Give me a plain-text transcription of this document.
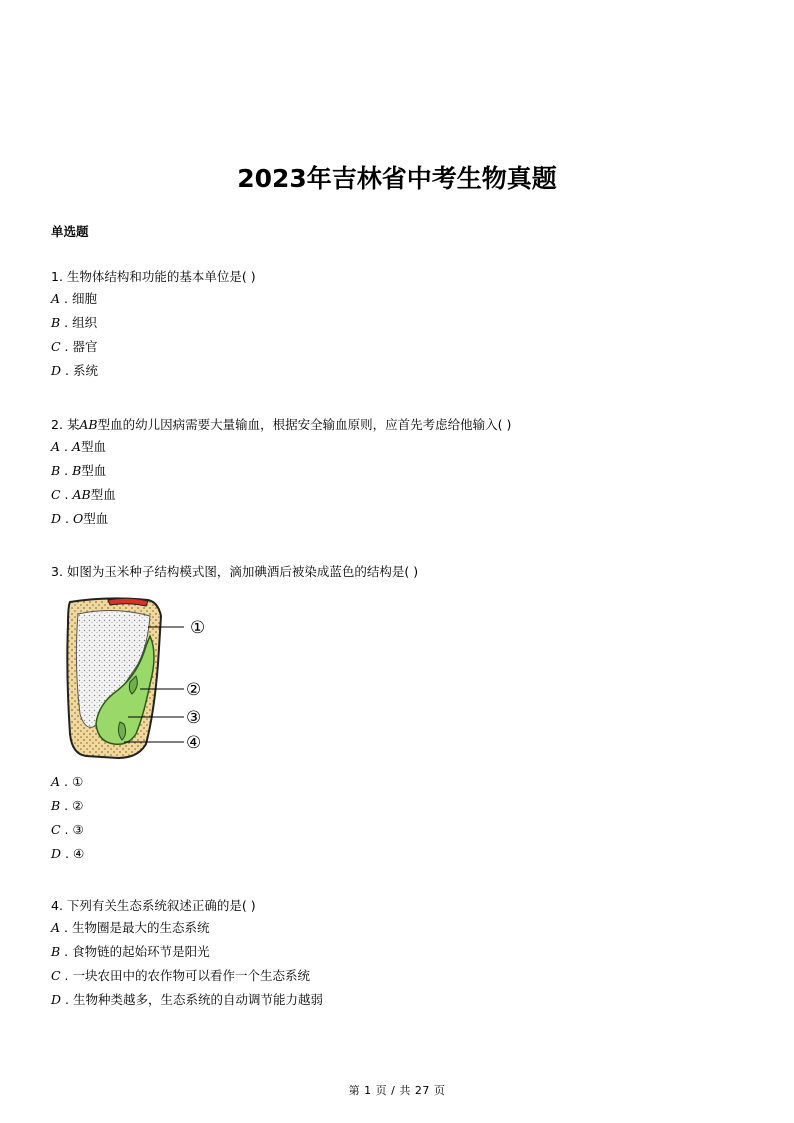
2023年吉林省中考生物真题
单选题
1. 生物体结构和功能的基本单位是( )
A . 细胞
B . 组织
C . 器官
D . 系统
2. 某AB型血的幼儿因病需要大量输血，根据安全输血原则，应首先考虑给他输入( )
A . A型血
B . B型血
C . AB型血
D . O型血
3. 如图为玉米种子结构模式图，滴加碘酒后被染成蓝色的结构是( )
①
②
③
④
A . ①
B . ②
C . ③
D . ④
4. 下列有关生态系统叙述正确的是( )
A . 生物圈是最大的生态系统
B . 食物链的起始环节是阳光
C . 一块农田中的农作物可以看作一个生态系统
D . 生物种类越多，生态系统的自动调节能力越弱
第 1 页 / 共 27 页
